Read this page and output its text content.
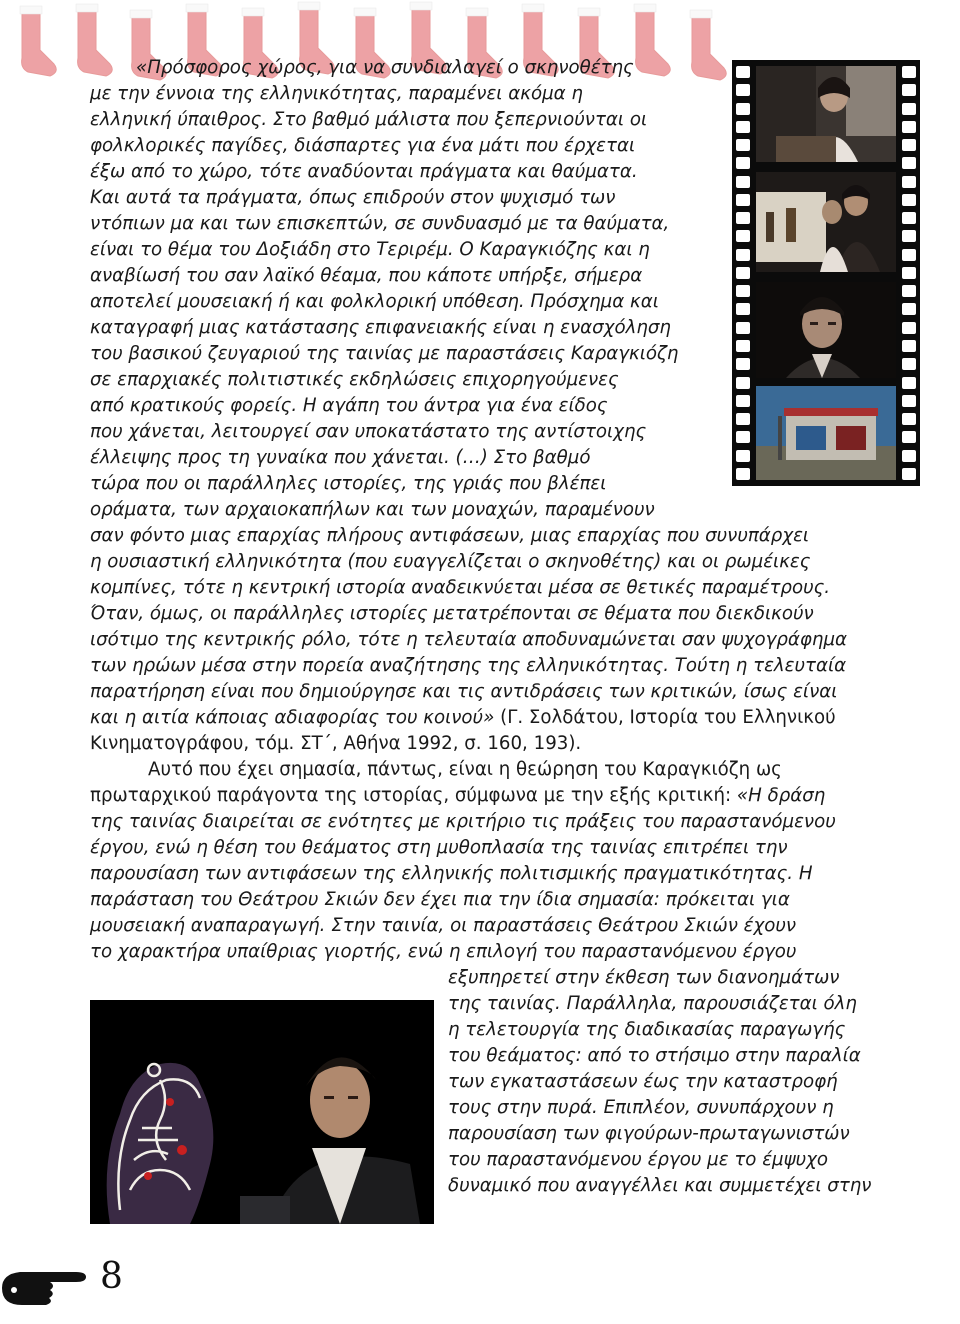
«Πρόσφορος χώρος, για να συνδιαλαγεί ο σκηνοθέτης
με την έννοια της ελληνικότητας, παραμένει ακόμα η
ελληνική ύπαιθρος. Στο βαθμό μάλιστα που ξεπερνιούνται οι
φολκλορικές παγίδες, διάσπαρτες για ένα μάτι που έρχεται
έξω από το χώρο, τότε αναδύονται πράγματα και θαύματα.
Και αυτά τα πράγματα, όπως επιδρούν στον ψυχισμό των
ντόπιων μα και των επισκεπτών, σε συνδυασμό με τα θαύματα,
είναι το θέμα του Δοξιάδη στο Τεριρέμ. Ο Καραγκιόζης και η
αναβίωσή του σαν λαϊκό θέαμα, που κάποτε υπήρξε, σήμερα
αποτελεί μουσειακή ή και φολκλορική υπόθεση. Πρόσχημα και
καταγραφή μιας κατάστασης επιφανειακής είναι η ενασχόληση
του βασικού ζευγαριού της ταινίας με παραστάσεις Καραγκιόζη
σε επαρχιακές πολιτιστικές εκδηλώσεις επιχορηγούμενες
από κρατικούς φορείς. Η αγάπη του άντρα για ένα είδος
που χάνεται, λειτουργεί σαν υποκατάστατο της αντίστοιχης
έλλειψης προς τη γυναίκα που χάνεται. (…) Στο βαθμό
τώρα που οι παράλληλες ιστορίες, της γριάς που βλέπει
οράματα, των αρχαιοκαπήλων και των μοναχών, παραμένουν
σαν φόντο μιας επαρχίας πλήρους αντιφάσεων, μιας επαρχίας που συνυπάρχει
η ουσιαστική ελληνικότητα (που ευαγγελίζεται ο σκηνοθέτης) και οι ρωμέικες
κομπίνες, τότε η κεντρική ιστορία αναδεικνύεται μέσα σε θετικές παραμέτρους.
Όταν, όμως, οι παράλληλες ιστορίες μετατρέπονται σε θέματα που διεκδικούν
ισότιμο της κεντρικής ρόλο, τότε η τελευταία αποδυναμώνεται σαν ψυχογράφημα
των ηρώων μέσα στην πορεία αναζήτησης της ελληνικότητας. Τούτη η τελευταία
παρατήρηση είναι που δημιούργησε και τις αντιδράσεις των κριτικών, ίσως είναι
και η αιτία κάποιας αδιαφορίας του κοινού» (Γ. Σολδάτου, Ιστορία του Ελληνικού
Κινηματογράφου, τόμ. ΣΤ΄, Αθήνα 1992, σ. 160, 193).
Αυτό που έχει σημασία, πάντως, είναι η θεώρηση του Καραγκιόζη ως
πρωταρχικού παράγοντα της ιστορίας, σύμφωνα με την εξής κριτική: «Η δράση
της ταινίας διαιρείται σε ενότητες με κριτήριο τις πράξεις του παραστανόμενου
έργου, ενώ η θέση του θεάματος στη μυθοπλασία της ταινίας επιτρέπει την
παρουσίαση των αντιφάσεων της ελληνικής πολιτισμικής πραγματικότητας. Η
παράσταση του Θεάτρου Σκιών δεν έχει πια την ίδια σημασία: πρόκειται για
μουσειακή αναπαραγωγή. Στην ταινία, οι παραστάσεις Θεάτρου Σκιών έχουν
το χαρακτήρα υπαίθριας γιορτής, ενώ η επιλογή του παραστανόμενου έργου
εξυπηρετεί στην έκθεση των διανοημάτων
της ταινίας. Παράλληλα, παρουσιάζεται όλη
η τελετουργία της διαδικασίας παραγωγής
του θεάματος: από το στήσιμο στην παραλία
των εγκαταστάσεων έως την καταστροφή
τους στην πυρά. Επιπλέον, συνυπάρχουν η
παρουσίαση των φιγούρων-πρωταγωνιστών
του παραστανόμενου έργου με το έμψυχο
δυναμικό που αναγγέλλει και συμμετέχει στην
8
